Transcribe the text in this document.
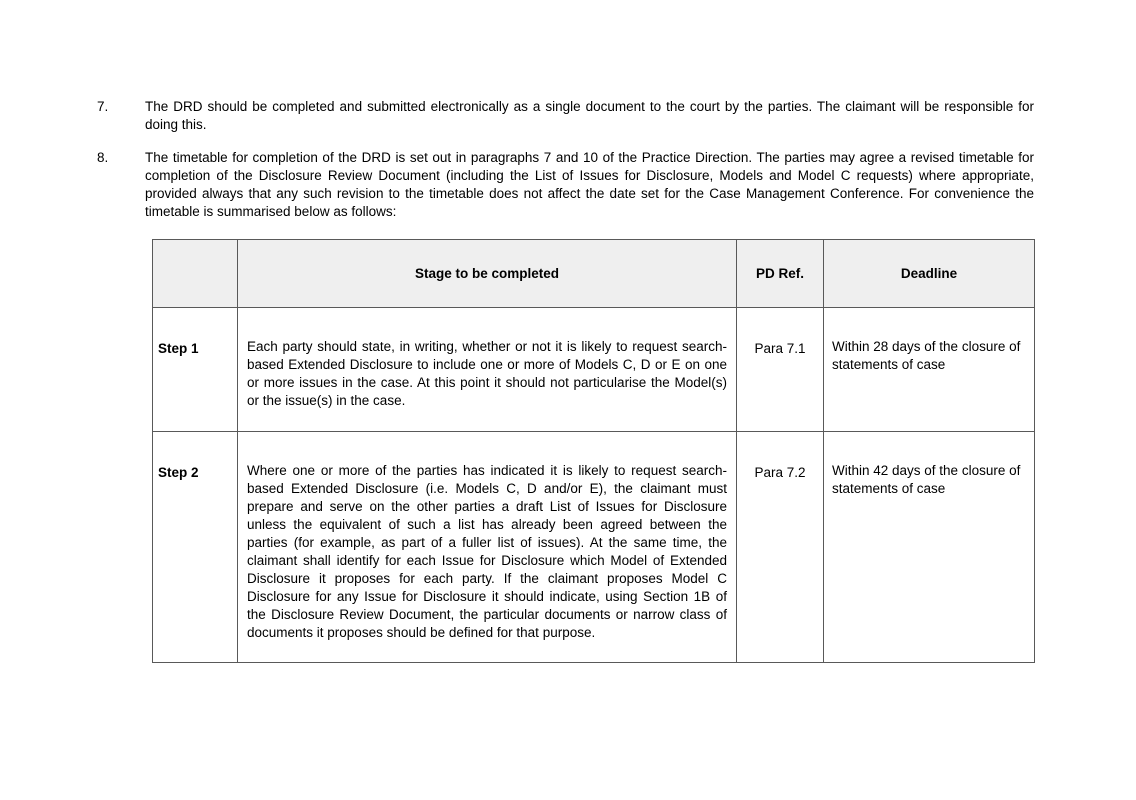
7.	The DRD should be completed and submitted electronically as a single document to the court by the parties. The claimant will be responsible for doing this.
8.	The timetable for completion of the DRD is set out in paragraphs 7 and 10 of the Practice Direction. The parties may agree a revised timetable for completion of the Disclosure Review Document (including the List of Issues for Disclosure, Models and Model C requests) where appropriate, provided always that any such revision to the timetable does not affect the date set for the Case Management Conference. For convenience the timetable is summarised below as follows:
	Stage to be completed	PD Ref.	Deadline
Step 1	Each party should state, in writing, whether or not it is likely to request search-based Extended Disclosure to include one or more of Models C, D or E on one or more issues in the case. At this point it should not particularise the Model(s) or the issue(s) in the case.	Para 7.1	Within 28 days of the closure of statements of case
Step 2	Where one or more of the parties has indicated it is likely to request search-based Extended Disclosure (i.e. Models C, D and/or E), the claimant must prepare and serve on the other parties a draft List of Issues for Disclosure unless the equivalent of such a list has already been agreed between the parties (for example, as part of a fuller list of issues). At the same time, the claimant shall identify for each Issue for Disclosure which Model of Extended Disclosure it proposes for each party. If the claimant proposes Model C Disclosure for any Issue for Disclosure it should indicate, using Section 1B of the Disclosure Review Document, the particular documents or narrow class of documents it proposes should be defined for that purpose.	Para 7.2	Within 42 days of the closure of statements of case
